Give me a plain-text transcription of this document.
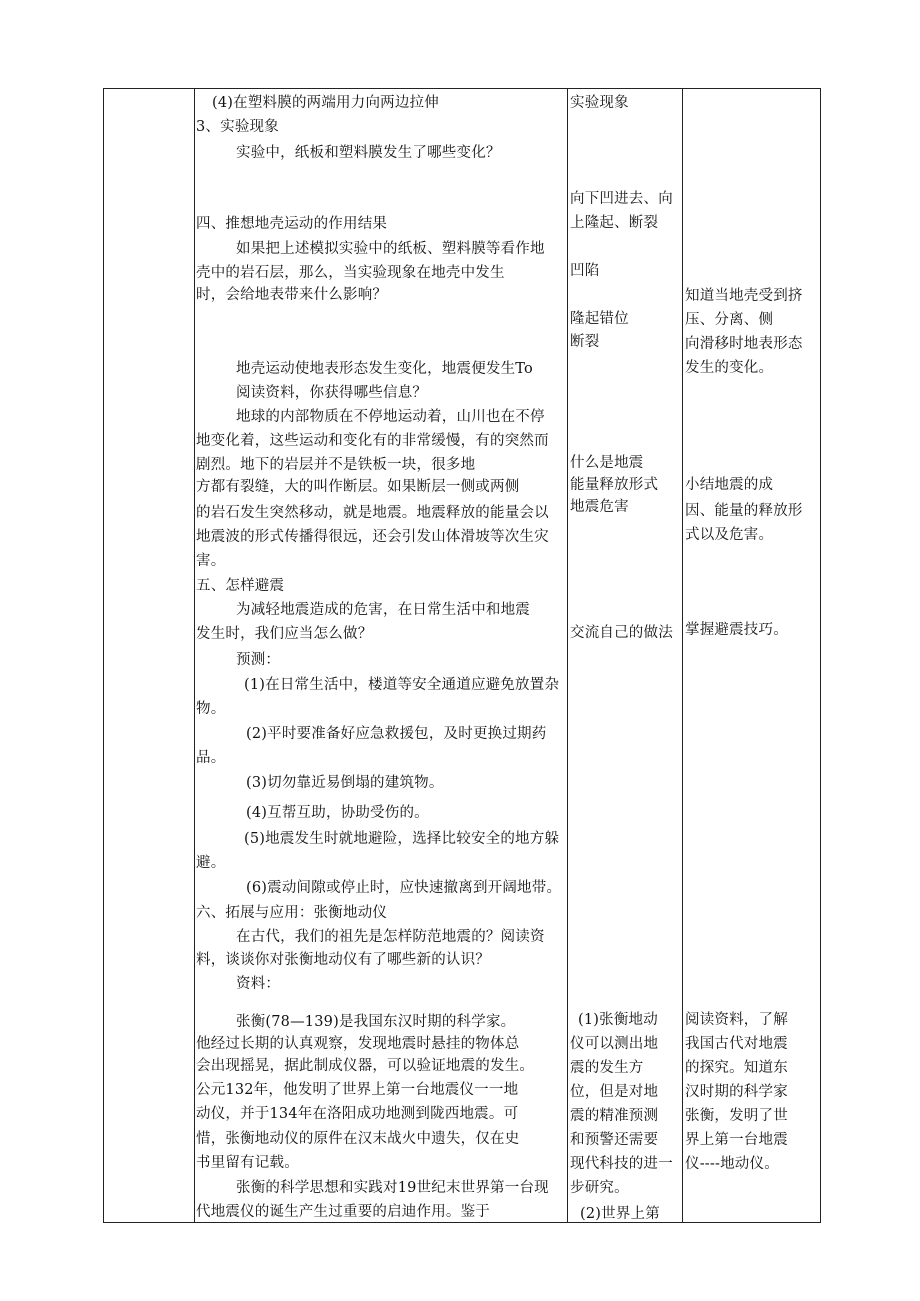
(4)在塑料膜的两端用力向两边拉伸
3、实验现象
实验中，纸板和塑料膜发生了哪些变化？
四、推想地壳运动的作用结果
如果把上述模拟实验中的纸板、塑料膜等看作地
壳中的岩石层，那么，当实验现象在地壳中发生
时，会给地表带来什么影响？
地壳运动使地表形态发生变化，地震便发生To
阅读资料，你获得哪些信息？
地球的内部物质在不停地运动着，山川也在不停
地变化着，这些运动和变化有的非常缓慢，有的突然而
剧烈。地下的岩层并不是铁板一块，很多地
方都有裂缝，大的叫作断层。如果断层一侧或两侧
的岩石发生突然移动，就是地震。地震释放的能量会以
地震波的形式传播得很远，还会引发山体滑坡等次生灾
害。
五、怎样避震
为减轻地震造成的危害，在日常生活中和地震
发生时，我们应当怎么做？
预测：
(1)在日常生活中，楼道等安全通道应避免放置杂
物。
(2)平时要准备好应急救援包，及时更换过期药
品。
(3)切勿靠近易倒塌的建筑物。
(4)互帮互助，协助受伤的。
(5)地震发生时就地避险，选择比较安全的地方躲
避。
(6)震动间隙或停止时，应快速撤离到开阔地带。
六、拓展与应用：张衡地动仪
在古代，我们的祖先是怎样防范地震的？阅读资
料，谈谈你对张衡地动仪有了哪些新的认识？
资料：
张衡(78—139)是我国东汉时期的科学家。
他经过长期的认真观察，发现地震时悬挂的物体总
会出现摇晃，据此制成仪器，可以验证地震的发生。
公元132年，他发明了世界上第一台地震仪一一地
动仪，并于134年在洛阳成功地测到陇西地震。可
惜，张衡地动仪的原件在汉末战火中遗失，仅在史
书里留有记载。
张衡的科学思想和实践对19世纪末世界第一台现
代地震仪的诞生产生过重要的启迪作用。鉴于
实验现象
向下凹进去、向
上隆起、断裂
凹陷
隆起错位
断裂
什么是地震
能量释放形式
地震危害
交流自己的做法
(1)张衡地动
仪可以测出地
震的发生方
位，但是对地
震的精准预测
和预警还需要
现代科技的进一
步研究。
(2)世界上第
知道当地壳受到挤
压、分离、侧
向滑移时地表形态
发生的变化。
小结地震的成
因、能量的释放形
式以及危害。
掌握避震技巧。
阅读资料，了解
我国古代对地震
的探究。知道东
汉时期的科学家
张衡，发明了世
界上第一台地震
仪----地动仪。
